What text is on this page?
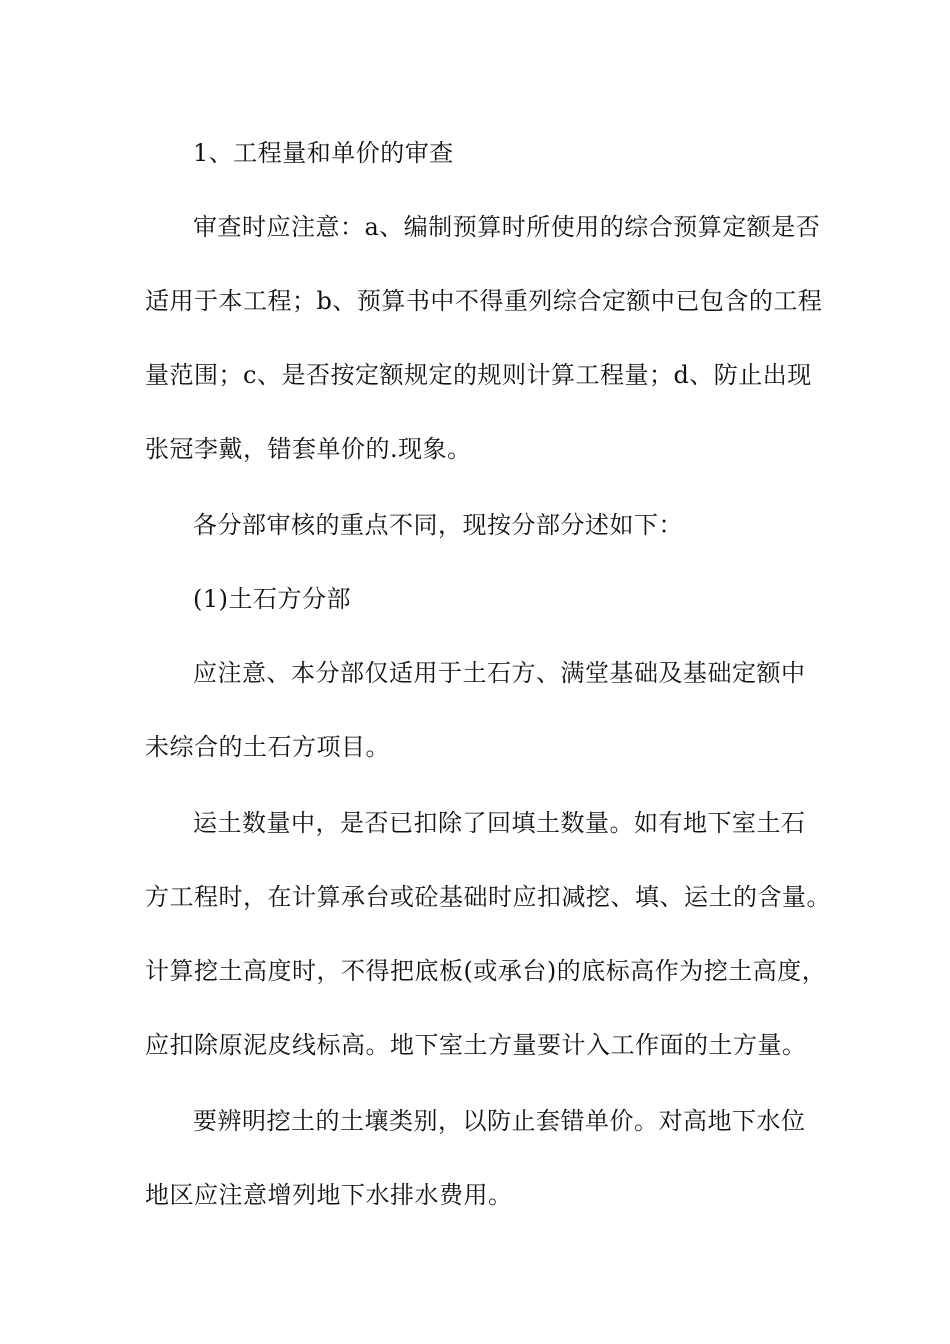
1、工程量和单价的审查
审查时应注意：a、编制预算时所使用的综合预算定额是否
适用于本工程；b、预算书中不得重列综合定额中已包含的工程
量范围；c、是否按定额规定的规则计算工程量；d、防止出现
张冠李戴，错套单价的.现象。
各分部审核的重点不同，现按分部分述如下：
(1)土石方分部
应注意、本分部仅适用于土石方、满堂基础及基础定额中
未综合的土石方项目。
运土数量中，是否已扣除了回填土数量。如有地下室土石
方工程时，在计算承台或砼基础时应扣减挖、填、运土的含量。
计算挖土高度时，不得把底板(或承台)的底标高作为挖土高度，
应扣除原泥皮线标高。地下室土方量要计入工作面的土方量。
要辨明挖土的土壤类别，以防止套错单价。对高地下水位
地区应注意增列地下水排水费用。
